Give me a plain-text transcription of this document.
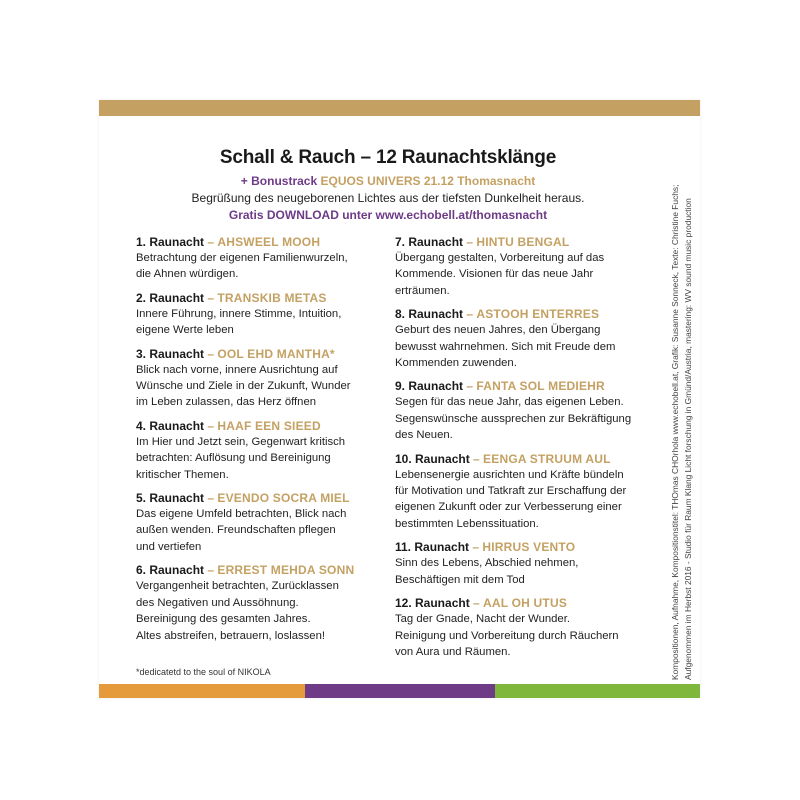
Schall & Rauch – 12 Raunachtsklänge
+ Bonustrack EQUOS UNIVERS 21.12 Thomasnacht
Begrüßung des neugeborenen Lichtes aus der tiefsten Dunkelheit heraus.
Gratis DOWNLOAD unter www.echobell.at/thomasnacht
1. Raunacht – AHSWEEL MOOH
Betrachtung der eigenen Familienwurzeln,
die Ahnen würdigen.
2. Raunacht – TRANSKIB METAS
Innere Führung, innere Stimme, Intuition,
eigene Werte leben
3. Raunacht – OOL EHD MANTHA*
Blick nach vorne, innere Ausrichtung auf
Wünsche und Ziele in der Zukunft, Wunder
im Leben zulassen, das Herz öffnen
4. Raunacht – HAAF EEN SIEED
Im Hier und Jetzt sein, Gegenwart kritisch
betrachten: Auflösung und Bereinigung
kritischer Themen.
5. Raunacht – EVENDO SOCRA MIEL
Das eigene Umfeld betrachten, Blick nach
außen wenden. Freundschaften pflegen
und vertiefen
6. Raunacht – ERREST MEHDA SONN
Vergangenheit betrachten, Zurücklassen
des Negativen und Aussöhnung.
Bereinigung des gesamten Jahres.
Altes abstreifen, betrauern, loslassen!
7. Raunacht – HINTU BENGAL
Übergang gestalten, Vorbereitung auf das
Kommende. Visionen für das neue Jahr
erträumen.
8. Raunacht – ASTOOH ENTERRES
Geburt des neuen Jahres, den Übergang
bewusst wahrnehmen. Sich mit Freude dem
Kommenden zuwenden.
9. Raunacht – FANTA SOL MEDIEHR
Segen für das neue Jahr, das eigenen Leben.
Segenswünsche aussprechen zur Bekräftigung
des Neuen.
10. Raunacht – EENGA STRUUM AUL
Lebensenergie ausrichten und Kräfte bündeln
für Motivation und Tatkraft zur Erschaffung der
eigenen Zukunft oder zur Verbesserung einer
bestimmten Lebenssituation.
11. Raunacht – HIRRUS VENTO
Sinn des Lebens, Abschied nehmen,
Beschäftigen mit dem Tod
12. Raunacht – AAL OH UTUS
Tag der Gnade, Nacht der Wunder.
Reinigung und Vorbereitung durch Räuchern
von Aura und Räumen.
*dedicatetd to the soul of NIKOLA	Kompositionen, Aufnahme, Kompositionstitel: THOmas CHOrhola www.echobell.at, Grafik: Susanne Sonneck, Texte: Christine Fuchs; Aufgenommen im Herbst 2016 - Studio für Raum Klang Licht forschung in Gmünd/Austria, mastering: WV sound music production
